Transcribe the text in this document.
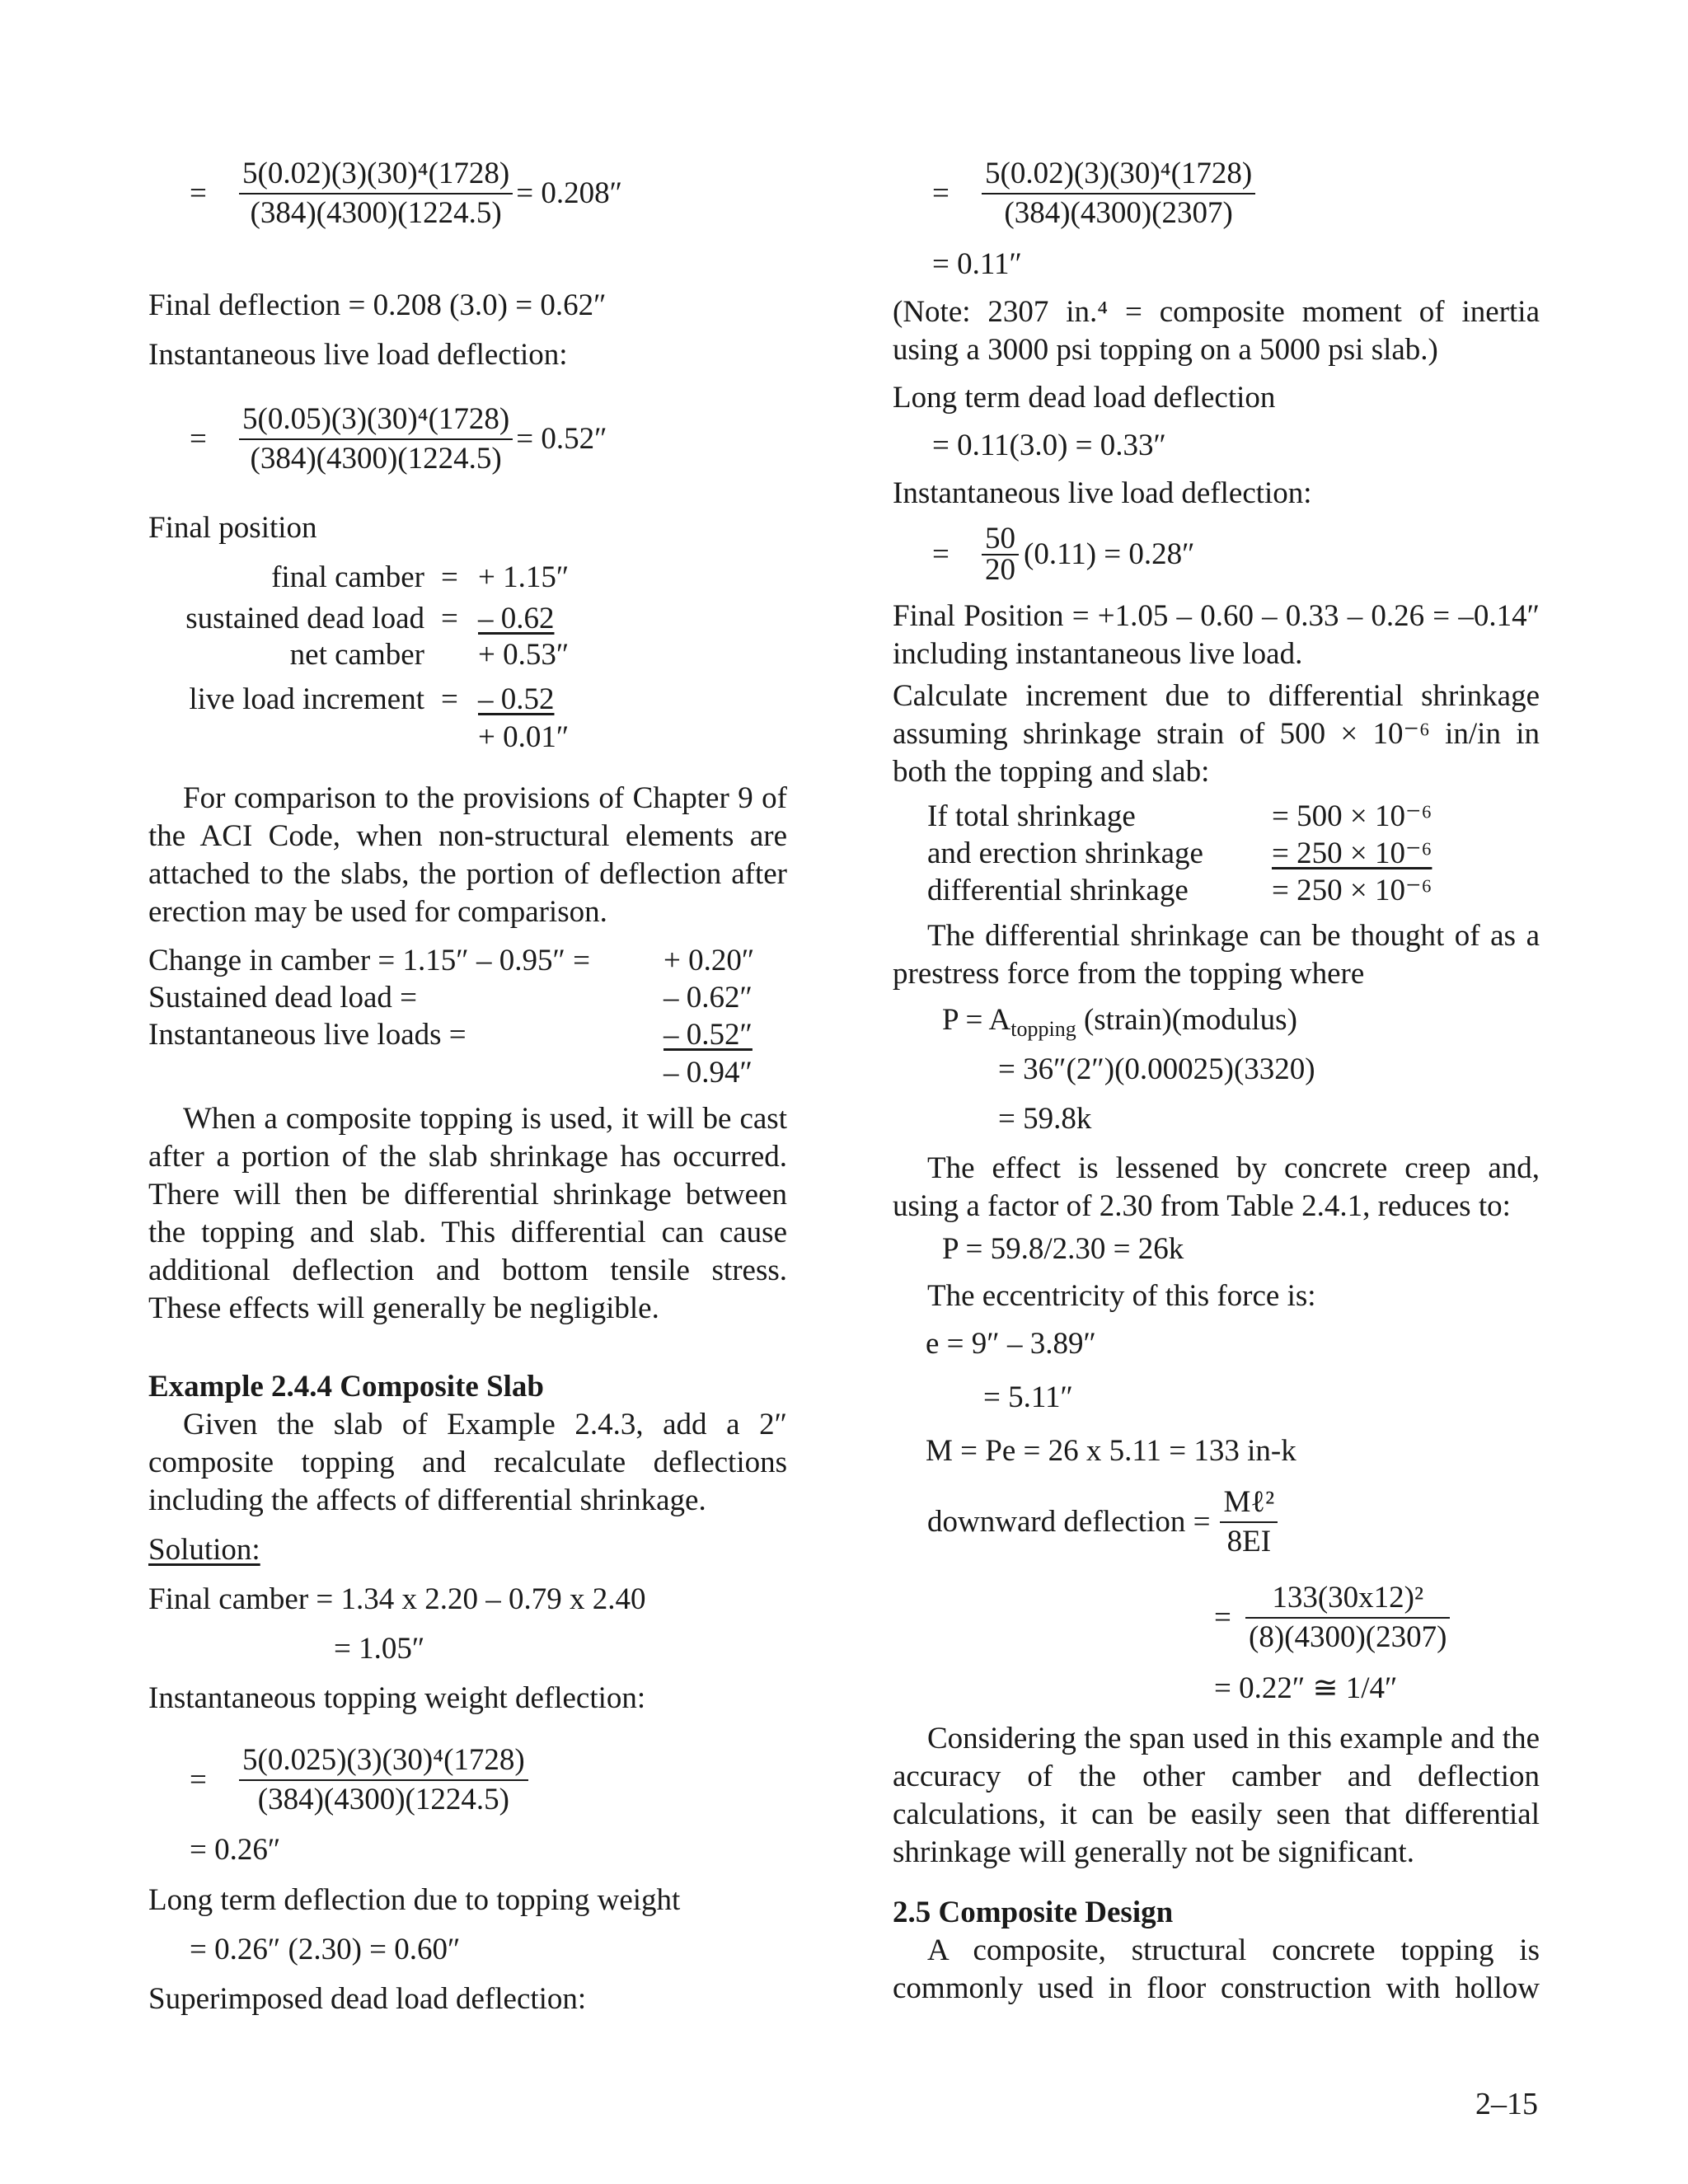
=	$\frac{\text{5(0.02)(3)(30)⁴(1728)}}{(384)(4300)(1224.5)} = 0.208''$
Final deflection = 0.208 (3.0) = 0.62″
Instantaneous live load deflection:
=	$\frac{\text{5(0.05)(3)(30)⁴(1728)}}{(384)(4300)(1224.5)} = 0.52''$
Final position
final camber = + 1.15″
sustained dead load = – 0.62
net camber + 0.53″
live load increment = – 0.52
+ 0.01″
For comparison to the provisions of Chapter 9 of the ACI Code, when non-structural elements are attached to the slabs, the portion of deflection after erection may be used for comparison.
Change in camber = 1.15″ – 0.95″ = + 0.20″
Sustained dead load =	– 0.62″
Instantaneous live loads =	– 0.52″
– 0.94″
When a composite topping is used, it will be cast after a portion of the slab shrinkage has occurred. There will then be differential shrinkage between the topping and slab. This differential can cause additional deflection and bottom tensile stress. These effects will generally be negligible.
Example 2.4.4 Composite Slab
Given the slab of Example 2.4.3, add a 2″ composite topping and recalculate deflections including the affects of differential shrinkage.
Solution:
Final camber = 1.34 x 2.20 – 0.79 x 2.40
= 1.05″
Instantaneous topping weight deflection:
=	$\frac{\text{5(0.025)(3)(30)⁴(1728)}}{(384)(4300)(1224.5)}$
= 0.26″
Long term deflection due to topping weight
= 0.26″ (2.30) = 0.60″
Superimposed dead load deflection:
=	$\frac{\text{5(0.02)(3)(30)⁴(1728)}}{(384)(4300)(2307)}$
= 0.11″
(Note: 2307 in.⁴ = composite moment of inertia using a 3000 psi topping on a 5000 psi slab.)
Long term dead load deflection
= 0.11(3.0) = 0.33″
Instantaneous live load deflection:
=	$\frac{50}{20} (0.11) = 0.28''$
Final Position = +1.05 – 0.60 – 0.33 – 0.26 = –0.14″ including instantaneous live load.
Calculate increment due to differential shrinkage assuming shrinkage strain of 500 × 10⁻⁶ in/in in both the topping and slab:
If total shrinkage	= 500 × 10⁻⁶
and erection shrinkage = 250 × 10⁻⁶
differential shrinkage	= 250 × 10⁻⁶
The differential shrinkage can be thought of as a prestress force from the topping where
$P = A_{topping}$ (strain)(modulus)
= 36″(2″)(0.00025)(3320)
= 59.8k
The effect is lessened by concrete creep and, using a factor of 2.30 from Table 2.4.1, reduces to:
P = 59.8/2.30 = 26k
The eccentricity of this force is:
e = 9″ – 3.89″
= 5.11″
M = Pe = 26 x 5.11 = 133 in-k
downward deflection = $\frac{\text{Mℓ²}}{8EI}$
= $\frac{\text{133(30x12)²}}{(8)(4300)(2307)}$
= 0.22″ ≅ 1/4″
Considering the span used in this example and the accuracy of the other camber and deflection calculations, it can be easily seen that differential shrinkage will generally not be significant.
2.5 Composite Design
A composite, structural concrete topping is commonly used in floor construction with hollow
2–15
